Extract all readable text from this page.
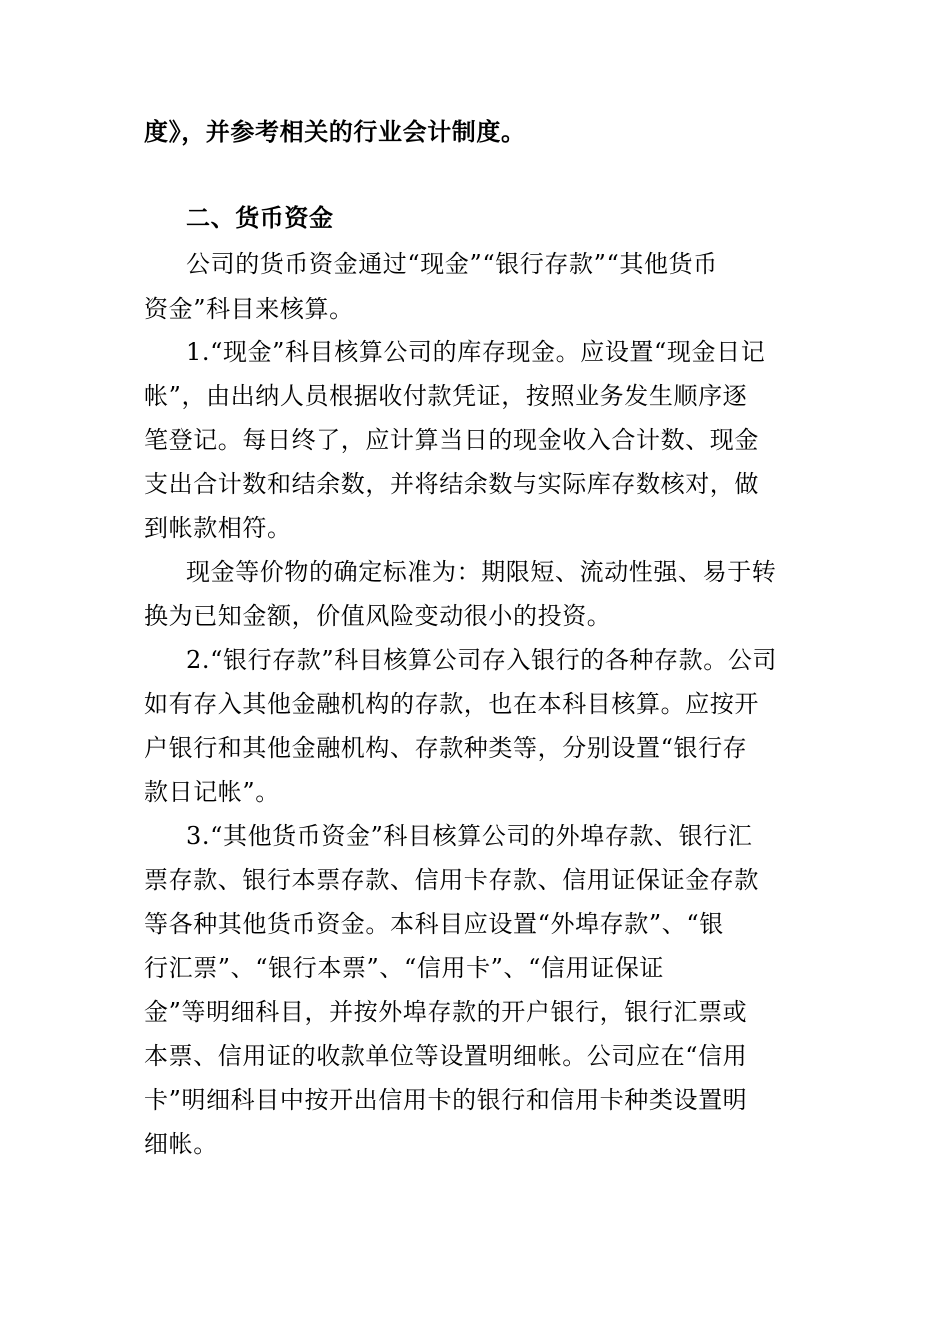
度》，并参考相关的行业会计制度。
二、货币资金
公司的货币资金通过“现金”“银行存款”“其他货币
资金”科目来核算。
1.“现金”科目核算公司的库存现金。应设置“现金日记
帐”，由出纳人员根据收付款凭证，按照业务发生顺序逐
笔登记。每日终了，应计算当日的现金收入合计数、现金
支出合计数和结余数，并将结余数与实际库存数核对，做
到帐款相符。
现金等价物的确定标准为：期限短、流动性强、易于转
换为已知金额，价值风险变动很小的投资。
2.“银行存款”科目核算公司存入银行的各种存款。公司
如有存入其他金融机构的存款，也在本科目核算。应按开
户银行和其他金融机构、存款种类等，分别设置“银行存
款日记帐”。
3.“其他货币资金”科目核算公司的外埠存款、银行汇
票存款、银行本票存款、信用卡存款、信用证保证金存款
等各种其他货币资金。本科目应设置“外埠存款”、“银
行汇票”、“银行本票”、“信用卡”、“信用证保证
金”等明细科目，并按外埠存款的开户银行，银行汇票或
本票、信用证的收款单位等设置明细帐。公司应在“信用
卡”明细科目中按开出信用卡的银行和信用卡种类设置明
细帐。
